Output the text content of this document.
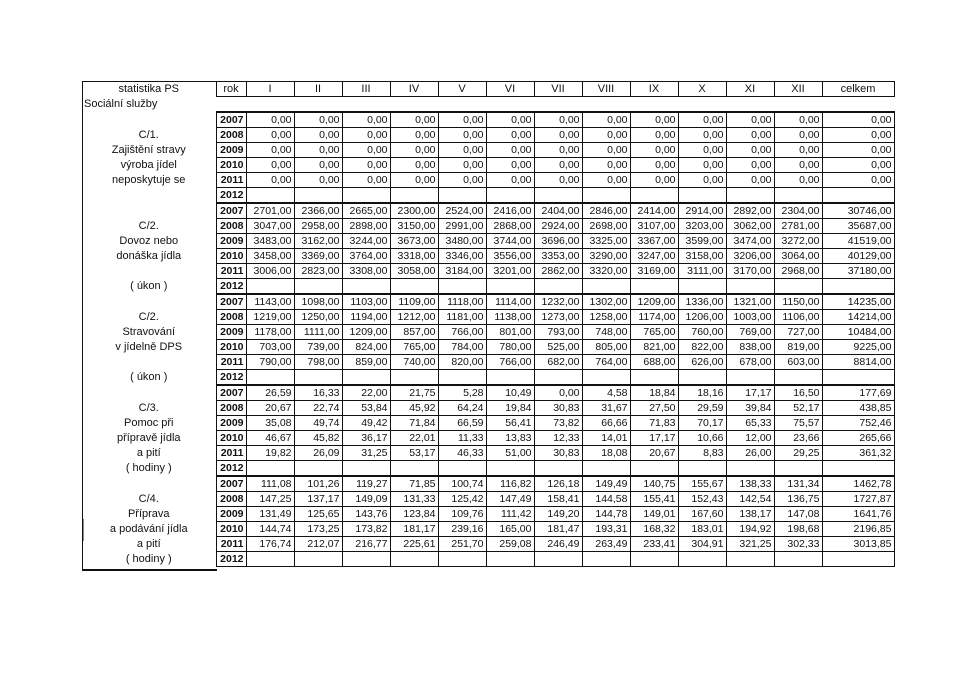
statistika PS	rok	I	II	III	IV	V	VI	VII	VIII	IX	X	XI	XII	celkem
Sociální služby														
	2007	0,00	0,00	0,00	0,00	0,00	0,00	0,00	0,00	0,00	0,00	0,00	0,00	0,00
C/1.	2008	0,00	0,00	0,00	0,00	0,00	0,00	0,00	0,00	0,00	0,00	0,00	0,00	0,00
Zajištění stravy	2009	0,00	0,00	0,00	0,00	0,00	0,00	0,00	0,00	0,00	0,00	0,00	0,00	0,00
výroba jídel	2010	0,00	0,00	0,00	0,00	0,00	0,00	0,00	0,00	0,00	0,00	0,00	0,00	0,00
neposkytuje se	2011	0,00	0,00	0,00	0,00	0,00	0,00	0,00	0,00	0,00	0,00	0,00	0,00	0,00
	2012													
	2007	2701,00	2366,00	2665,00	2300,00	2524,00	2416,00	2404,00	2846,00	2414,00	2914,00	2892,00	2304,00	30746,00
C/2.	2008	3047,00	2958,00	2898,00	3150,00	2991,00	2868,00	2924,00	2698,00	3107,00	3203,00	3062,00	2781,00	35687,00
Dovoz nebo	2009	3483,00	3162,00	3244,00	3673,00	3480,00	3744,00	3696,00	3325,00	3367,00	3599,00	3474,00	3272,00	41519,00
donáška jídla	2010	3458,00	3369,00	3764,00	3318,00	3346,00	3556,00	3353,00	3290,00	3247,00	3158,00	3206,00	3064,00	40129,00
	2011	3006,00	2823,00	3308,00	3058,00	3184,00	3201,00	2862,00	3320,00	3169,00	3111,00	3170,00	2968,00	37180,00
( úkon )	2012													
	2007	1143,00	1098,00	1103,00	1109,00	1118,00	1114,00	1232,00	1302,00	1209,00	1336,00	1321,00	1150,00	14235,00
C/2.	2008	1219,00	1250,00	1194,00	1212,00	1181,00	1138,00	1273,00	1258,00	1174,00	1206,00	1003,00	1106,00	14214,00
Stravování	2009	1178,00	1111,00	1209,00	857,00	766,00	801,00	793,00	748,00	765,00	760,00	769,00	727,00	10484,00
v jídelně DPS	2010	703,00	739,00	824,00	765,00	784,00	780,00	525,00	805,00	821,00	822,00	838,00	819,00	9225,00
	2011	790,00	798,00	859,00	740,00	820,00	766,00	682,00	764,00	688,00	626,00	678,00	603,00	8814,00
( úkon )	2012													
	2007	26,59	16,33	22,00	21,75	5,28	10,49	0,00	4,58	18,84	18,16	17,17	16,50	177,69
C/3.	2008	20,67	22,74	53,84	45,92	64,24	19,84	30,83	31,67	27,50	29,59	39,84	52,17	438,85
Pomoc při	2009	35,08	49,74	49,42	71,84	66,59	56,41	73,82	66,66	71,83	70,17	65,33	75,57	752,46
přípravě jídla	2010	46,67	45,82	36,17	22,01	11,33	13,83	12,33	14,01	17,17	10,66	12,00	23,66	265,66
a pití	2011	19,82	26,09	31,25	53,17	46,33	51,00	30,83	18,08	20,67	8,83	26,00	29,25	361,32
( hodiny )	2012													
	2007	111,08	101,26	119,27	71,85	100,74	116,82	126,18	149,49	140,75	155,67	138,33	131,34	1462,78
C/4.	2008	147,25	137,17	149,09	131,33	125,42	147,49	158,41	144,58	155,41	152,43	142,54	136,75	1727,87
Příprava	2009	131,49	125,65	143,76	123,84	109,76	111,42	149,20	144,78	149,01	167,60	138,17	147,08	1641,76
a podávání jídla	2010	144,74	173,25	173,82	181,17	239,16	165,00	181,47	193,31	168,32	183,01	194,92	198,68	2196,85
a pití	2011	176,74	212,07	216,77	225,61	251,70	259,08	246,49	263,49	233,41	304,91	321,25	302,33	3013,85
( hodiny )	2012													
